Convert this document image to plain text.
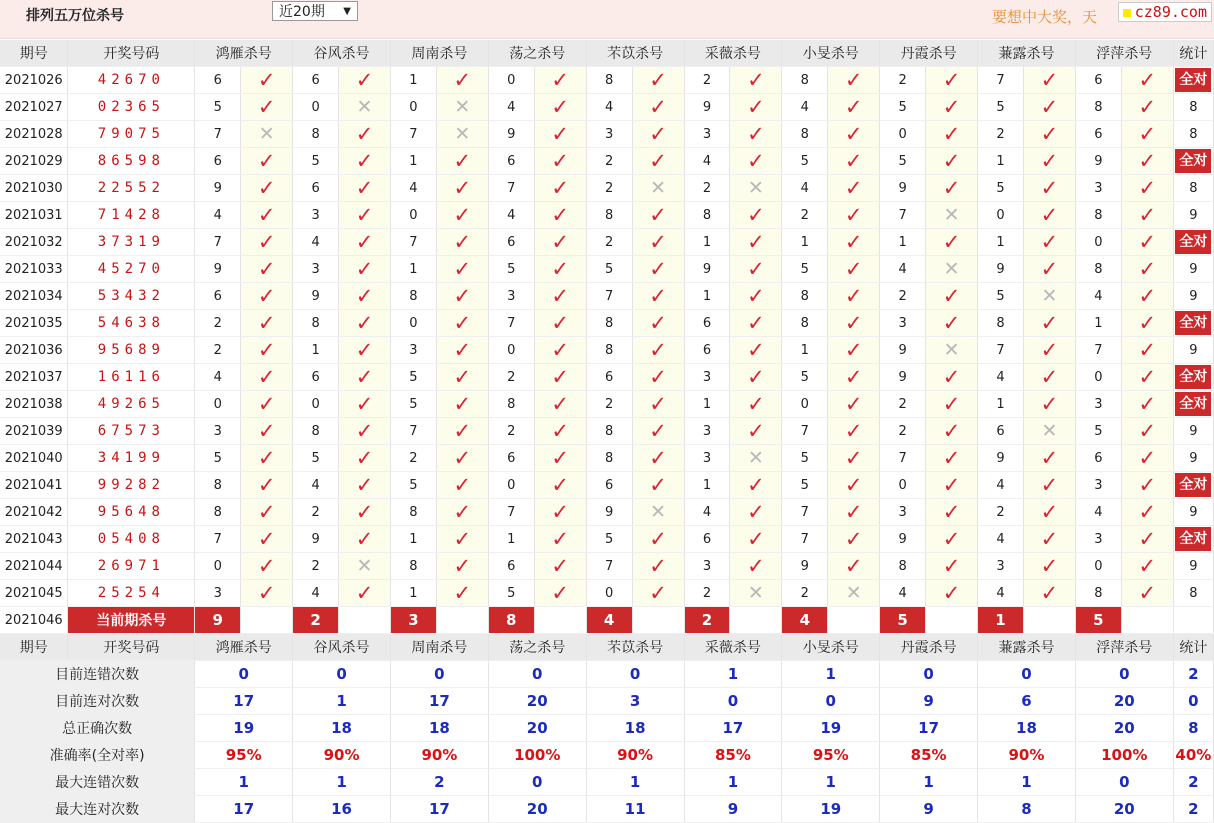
排列五万位杀号	近20期 ▼	要想中大奖，天	cz89.com
期号	开奖号码	鸿雁杀号		谷风杀号		周南杀号		荡之杀号		芣苡杀号		采薇杀号		小旻杀号		丹霞杀号		蒹露杀号		浮萍杀号		统计
2021026	42670	6	✓	6	✓	1	✓	0	✓	8	✓	2	✓	8	✓	2	✓	7	✓	6	✓	全对
2021027	02365	5	✓	0	✕	0	✕	4	✓	4	✓	9	✓	4	✓	5	✓	5	✓	8	✓	8
2021028	79075	7	✕	8	✓	7	✕	9	✓	3	✓	3	✓	8	✓	0	✓	2	✓	6	✓	8
2021029	86598	6	✓	5	✓	1	✓	6	✓	2	✓	4	✓	5	✓	5	✓	1	✓	9	✓	全对
2021030	22552	9	✓	6	✓	4	✓	7	✓	2	✕	2	✕	4	✓	9	✓	5	✓	3	✓	8
2021031	71428	4	✓	3	✓	0	✓	4	✓	8	✓	8	✓	2	✓	7	✕	0	✓	8	✓	9
2021032	37319	7	✓	4	✓	7	✓	6	✓	2	✓	1	✓	1	✓	1	✓	1	✓	0	✓	全对
2021033	45270	9	✓	3	✓	1	✓	5	✓	5	✓	9	✓	5	✓	4	✕	9	✓	8	✓	9
2021034	53432	6	✓	9	✓	8	✓	3	✓	7	✓	1	✓	8	✓	2	✓	5	✕	4	✓	9
2021035	54638	2	✓	8	✓	0	✓	7	✓	8	✓	6	✓	8	✓	3	✓	8	✓	1	✓	全对
2021036	95689	2	✓	1	✓	3	✓	0	✓	8	✓	6	✓	1	✓	9	✕	7	✓	7	✓	9
2021037	16116	4	✓	6	✓	5	✓	2	✓	6	✓	3	✓	5	✓	9	✓	4	✓	0	✓	全对
2021038	49265	0	✓	0	✓	5	✓	8	✓	2	✓	1	✓	0	✓	2	✓	1	✓	3	✓	全对
2021039	67573	3	✓	8	✓	7	✓	2	✓	8	✓	3	✓	7	✓	2	✓	6	✕	5	✓	9
2021040	34199	5	✓	5	✓	2	✓	6	✓	8	✓	3	✕	5	✓	7	✓	9	✓	6	✓	9
2021041	99282	8	✓	4	✓	5	✓	0	✓	6	✓	1	✓	5	✓	0	✓	4	✓	3	✓	全对
2021042	95648	8	✓	2	✓	8	✓	7	✓	9	✕	4	✓	7	✓	3	✓	2	✓	4	✓	9
2021043	05408	7	✓	9	✓	1	✓	1	✓	5	✓	6	✓	7	✓	9	✓	4	✓	3	✓	全对
2021044	26971	0	✓	2	✕	8	✓	6	✓	7	✓	3	✓	9	✓	8	✓	3	✓	0	✓	9
2021045	25254	3	✓	4	✓	1	✓	5	✓	0	✓	2	✕	2	✕	4	✓	4	✓	8	✓	8
2021046	当前期杀号	9		2		3		8		4		2		4		5		1		5		
期号	开奖号码	鸿雁杀号		谷风杀号		周南杀号		荡之杀号		芣苡杀号		采薇杀号		小旻杀号		丹霞杀号		蒹露杀号		浮萍杀号		统计
目前连错次数		0		0		0		0		0		1		1		0		0		0		2
目前连对次数		17		1		17		20		3		0		0		9		6		20		0
总正确次数		19		18		18		20		18		17		19		17		18		20		8
准确率(全对率)		95%		90%		90%		100%		90%		85%		95%		85%		90%		100%		40%
最大连错次数		1		1		2		0		1		1		1		1		1		0		2
最大连对次数		17		16		17		20		11		9		19		9		8		20		2
